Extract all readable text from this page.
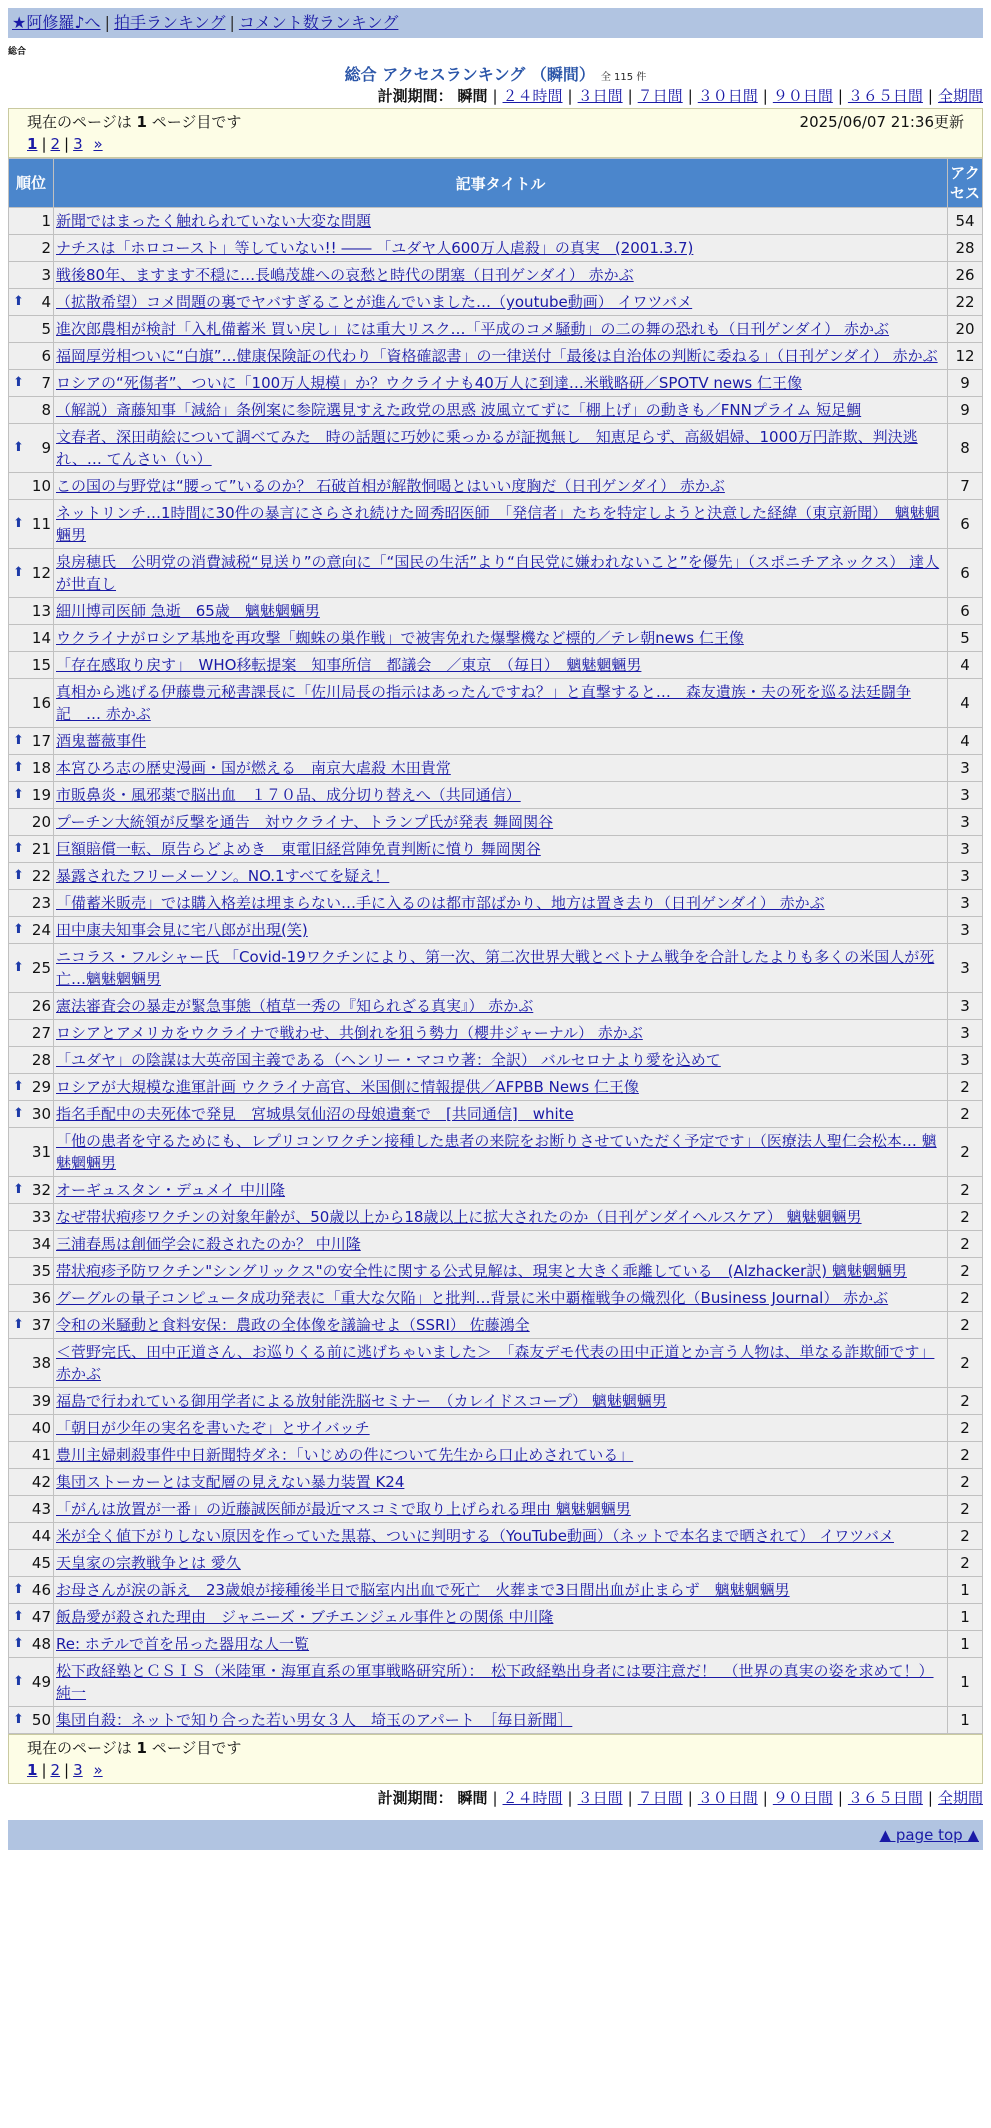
★阿修羅♪へ | 拍手ランキング | コメント数ランキング
総合
総合 アクセスランキング （瞬間） 全 115 件
計測期間： 瞬間 | ２４時間 | ３日間 | ７日間 | ３０日間 | ９０日間 | ３６５日間 | 全期間
現在のページは 1 ページ目です	2025/06/07 21:36更新
1 | 2 | 3 »
順位	記事タイトル	アクセス
1	新聞ではまったく触れられていない大変な問題	54
2	ナチスは「ホロコースト」等していない!! ―― 「ユダヤ人600万人虐殺」の真実　(2001.3.7)	28
3	戦後80年、ますます不穏に…長嶋茂雄への哀愁と時代の閉塞（日刊ゲンダイ） 赤かぶ	26

⬆ 4	（拡散希望）コメ問題の裏でヤバすぎることが進んでいました…（youtube動画） イワツバメ	22
5	進次郎農相が検討「入札備蓄米 買い戻し」には重大リスク…「平成のコメ騒動」の二の舞の恐れも（日刊ゲンダイ） 赤かぶ	20
6	福岡厚労相ついに“白旗”…健康保険証の代わり「資格確認書」の一律送付「最後は自治体の判断に委ねる」（日刊ゲンダイ） 赤かぶ	12

⬆ 7	ロシアの“死傷者”、ついに「100万人規模」か？ウクライナも40万人に到達…米戦略研／SPOTV news 仁王像	9
8	（解説）斎藤知事「減給」条例案に参院選見すえた政党の思惑 波風立てずに「棚上げ」の動きも／FNNプライム 短足鯛	9

⬆ 9	文春者、深田萌絵について調べてみた　時の話題に巧妙に乗っかるが証拠無し　知恵足らず、高級娼婦、1000万円詐欺、判決逃れ、… てんさい（い）	8
10	この国の与野党は“腰って”いるのか？ 石破首相が解散恫喝とはいい度胸だ（日刊ゲンダイ） 赤かぶ	7

⬆ 11	ネットリンチ…1時間に30件の暴言にさらされ続けた岡秀昭医師　「発信者」たちを特定しようと決意した経緯（東京新聞）　魑魅魍魎男	6

⬆ 12	泉房穂氏　公明党の消費減税“見送り”の意向に「“国民の生活”より“自民党に嫌われないこと”を優先」（スポニチアネックス） 達人が世直し	6
13	細川博司医師 急逝　65歳　魑魅魍魎男	6
14	ウクライナがロシア基地を再攻撃「蜘蛛の巣作戦」で被害免れた爆撃機など標的／テレ朝news 仁王像	5
15	「存在感取り戻す」　WHO移転提案　知事所信　都議会　／東京　（毎日）　魑魅魍魎男	4
16	真相から逃げる伊藤豊元秘書課長に「佐川局長の指示はあったんですね？」と直撃すると…　森友遺族・夫の死を巡る法廷闘争記　… 赤かぶ	4

⬆ 17	酒鬼薔薇事件	4

⬆ 18	本宮ひろ志の歴史漫画・国が燃える　南京大虐殺 木田貴常	3

⬆ 19	市販鼻炎・風邪薬で脳出血　１７０品、成分切り替えへ（共同通信）	3
20	プーチン大統領が反撃を通告　対ウクライナ、トランプ氏が発表 舞岡関谷	3

⬆ 21	巨額賠償一転、原告らどよめき　東電旧経営陣免責判断に憤り 舞岡関谷	3

⬆ 22	暴露されたフリーメーソン。NO.1すべてを疑え！	3
23	「備蓄米販売」では購入格差は埋まらない…手に入るのは都市部ばかり、地方は置き去り（日刊ゲンダイ） 赤かぶ	3

⬆ 24	田中康夫知事会見に宅八郎が出現(笑)	3

⬆ 25	ニコラス・フルシャー氏 「Covid-19ワクチンにより、第一次、第二次世界大戦とベトナム戦争を合計したよりも多くの米国人が死亡…魑魅魍魎男	3
26	憲法審査会の暴走が緊急事態（植草一秀の『知られざる真実』） 赤かぶ	3
27	ロシアとアメリカをウクライナで戦わせ、共倒れを狙う勢力（櫻井ジャーナル） 赤かぶ	3
28	「ユダヤ」の陰謀は大英帝国主義である（ヘンリー・マコウ著：全訳） バルセロナより愛を込めて	3

⬆ 29	ロシアが大規模な進軍計画 ウクライナ高官、米国側に情報提供／AFPBB News 仁王像	2

⬆ 30	指名手配中の夫死体で発見　宮城県気仙沼の母娘遺棄で　[共同通信]　white	2
31	「他の患者を守るためにも、レプリコンワクチン接種した患者の来院をお断りさせていただく予定です」（医療法人聖仁会松本… 魑魅魍魎男	2

⬆ 32	オーギュスタン・デュメイ 中川隆	2
33	なぜ帯状疱疹ワクチンの対象年齢が、50歳以上から18歳以上に拡大されたのか（日刊ゲンダイヘルスケア） 魑魅魍魎男	2
34	三浦春馬は創価学会に殺されたのか？ 中川隆	2
35	帯状疱疹予防ワクチン"シングリックス"の安全性に関する公式見解は、現実と大きく乖離している　(Alzhacker訳) 魑魅魍魎男	2
36	グーグルの量子コンピュータ成功発表に「重大な欠陥」と批判…背景に米中覇権戦争の熾烈化（Business Journal） 赤かぶ	2

⬆ 37	令和の米騒動と食料安保：農政の全体像を議論せよ（SSRI） 佐藤鴻全	2
38	＜菅野完氏、田中正道さん、お巡りくる前に逃げちゃいました＞　「森友デモ代表の田中正道とか言う人物は、単なる詐欺師です」 赤かぶ	2
39	福島で行われている御用学者による放射能洗脳セミナー　（カレイドスコープ） 魑魅魍魎男	2
40	「朝日が少年の実名を書いたぞ」とサイバッチ	2
41	豊川主婦刺殺事件中日新聞特ダネ：「いじめの件について先生から口止めされている」	2
42	集団ストーカーとは支配層の見えない暴力装置 K24	2
43	「がんは放置が一番」の近藤誠医師が最近マスコミで取り上げられる理由 魑魅魍魎男	2
44	米が全く値下がりしない原因を作っていた黒幕、ついに判明する（YouTube動画）（ネットで本名まで晒されて） イワツバメ	2
45	天皇家の宗教戦争とは 愛久	2

⬆ 46	お母さんが涙の訴え　23歳娘が接種後半日で脳室内出血で死亡　火葬まで3日間出血が止まらず　魑魅魍魎男	1

⬆ 47	飯島愛が殺された理由　ジャニーズ・ブチエンジェル事件との関係 中川隆	1

⬆ 48	Re: ホテルで首を吊った器用な人一覧	1

⬆ 49	松下政経塾とＣＳＩＳ（米陸軍・海軍直系の軍事戦略研究所）：　松下政経塾出身者には要注意だ！　（世界の真実の姿を求めて！） 純一	1

⬆ 50	集団自殺：ネットで知り合った若い男女３人　埼玉のアパート　［毎日新聞］	1
現在のページは 1 ページ目です
1 | 2 | 3 »
計測期間： 瞬間 | ２４時間 | ３日間 | ７日間 | ３０日間 | ９０日間 | ３６５日間 | 全期間
▲ page top ▲
